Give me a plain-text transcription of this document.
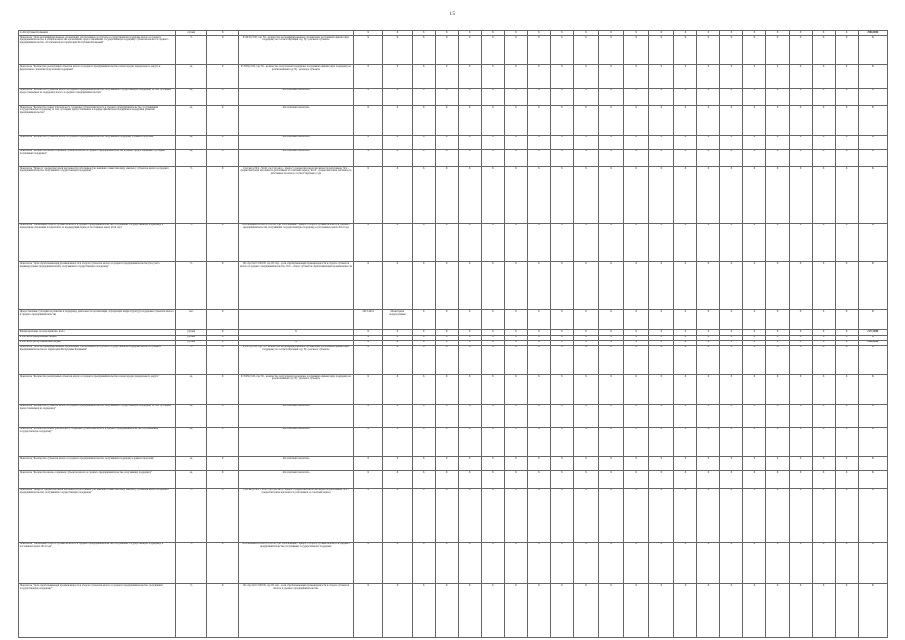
15
по Республике Калмыкия	рублей	X		X	X	X	X	X	X	X	X	X	X	X	X	X	X	X	X	X	X	X	X	X	2900,0000
Показатель "Доля нетарифицированных организаций, обеспеченных доступом к государственной поддержке малого и среднего предпринимательства, в общем количестве организаций, предоставляющих государственную поддержку субъектам малого и среднего предпринимательства, обеспеченной на территории Республики Калмыкия"	%	X	Р=Ni/Nj×100, где: Ni - количество нетарифицированных организаций, получивших финансовую поддержку на соответствующий год; Nj - реальное субъекты	X	X	X	X	X	X	X	X	X	X	X	X	X	X	X	X	X	X	X	X	X	X
Показатель "Количество реализуемых объектов малого и среднего предпринимательства в моногородах федерального округа и федерального значения получателей поддержки"	ед.	X	Р=Ni/Nj×100, где: Ni - количество получателей поддержки, получивших финансовую поддержку на реализованный год; Nj - реальное субъекты	X	X	X	X	X	X	X	X	X	X	X	X	X	X	X	X	X	X	X	X	X	X
Показатель "Количество субъектов малого и среднего предпринимательства, получивших государственную поддержку за счет субсидий, предоставляемых на поддержку малого и среднего предпринимательства"	ед.	X	Абсолютный показатель	X	X	X	X	X	X	X	X	X	X	X	X	X	X	X	X	X	X	X	X	X	X
Показатель "Количество новых рабочих мест, созданных субъектами малого и среднего предпринимательства, получившими государственную поддержку за счет субсидий, предоставленных в порядке финансовой поддержки и поддержки развития предпринимательства"	ед.	X	Абсолютный показатель	X	X	X	X	X	X	X	X	X	X	X	X	X	X	X	X	X	X	X	X	X	X
Показатель "Количество субъектов малого и среднего предпринимательства, получивших поддержку в рамках программ"	ед.	X	Абсолютный показатель	X	X	X	X	X	X	X	X	X	X	X	X	X	X	X	X	X	X	X	X	X	X
Показатель "Количество вновь созданных субъектов малого и среднего предпринимательства в рамках предоставляемых субсидий, получивших поддержку"	ед.	X	Абсолютный показатель	X	X	X	X	X	X	X	X	X	X	X	X	X	X	X	X	X	X	X	X	X	X
Показатель "Прирост среднесписочной численности работников (без внешних совместителей), занятых у субъектов малого и среднего предпринимательства, получивших государственную поддержку"	%	X	Сум чисд=Чсп - Чсп0, где Сум чисд - прирост среднесписочной численности работников; Чсп - среднесписочная численность работников за отчетный период; Чсп0 - среднесписочная численность работников на начало соответствующего года	X	X	X	X	X	X	X	X	X	X	X	X	X	X	X	X	X	X	X	X	X	X
Показатель "Увеличение оборота субъектов малого и среднего предпринимательства, получивших государственную поддержку, в процентном отношении к показателю за предыдущий период в постоянных ценах 2014 года"	%	X	Обоснование=Об2014×100/Об, где: Обоснование - прирост оборота субъектов малого и среднего предпринимательства, получивших государственную поддержку, в постоянных ценах 2014 года	X	X	X	X	X	X	X	X	X	X	X	X	X	X	X	X	X	X	X	X	X	X
Показатель "Доля обрабатывающей промышленности в обороте субъектов малого и среднего предпринимательства (без учета индивидуальных предпринимателей), получивших государственную поддержку"	%	X	Об обр=Ооб×100/Об, где Об обр - доля обрабатывающей промышленности в обороте субъектов малого и среднего предпринимательства; Ооб - оборот субъектов обрабатывающей промышленности	X	X	X	X	X	X	X	X	X	X	X	X	X	X	X	X	X	X	X	X	X	X
Предоставление субсидий на развитие и поддержку деятельности организаций, образующих инфраструктуру поддержки субъектов малого и среднего предпринимательства	тыс.	X		2013-2014	Мониторинг подпрограммы	X	X	X	X	X	X	X	X	X	X	X	X	X	X	X	X	X	X	X	X
Финансирование по мероприятию, всего	рублей	X	X	X	X	X	X	X	X	X	X	X	X	X	X	X	X	X	X	X	X	X	X	X	2177,0000
в том числе федеральный бюджет	рублей	X		X	X	X	X	X	X	X	X	X	X	X	X	X	X	X	X	X	X	X	X	X	X
в том числе республиканский бюджет	рублей	X	X	X	X	X	X	X	X	X	X	X	X	X	X	X	X	X	X	X	X	X	X	X	2900,0000
Показатель "Доля нетарифицированных организаций, обеспеченных доступом к государственной поддержке малого и среднего предпринимательства на территории Республики Калмыкия"	%	X	Р=Ni/Nj×100, где: Ni - количество нетарифицированных организаций, получивших финансовую поддержку на соответствующий год; Nj - реальное субъекты	X	X	X	X	X	X	X	X	X	X	X	X	X	X	X	X	X	X	X	X	X	X
Показатель "Количество реализуемых объектов малого и среднего предпринимательства в моногородах федерального округа"	ед.	X	Р=Ni/Nj×100, где: Ni - количество получателей поддержки, получивших финансовую поддержку на реализованный год; Nj - реальное субъекты	X	X	X	X	X	X	X	X	X	X	X	X	X	X	X	X	X	X	X	X	X	X
Показатель "Количество субъектов малого и среднего предпринимательства, получивших государственную поддержку за счет субсидий, предоставляемых на поддержку"	ед.	X	Абсолютный показатель	X	X	X	X	X	X	X	X	X	X	X	X	X	X	X	X	X	X	X	X	X	X
Показатель "Количество новых рабочих мест, созданных субъектами малого и среднего предпринимательства, получившими государственную поддержку"	ед.	X	Абсолютный показатель	X	X	X	X	X	X	X	X	X	X	X	X	X	X	X	X	X	X	X	X	X	X
Показатель "Количество субъектов малого и среднего предпринимательства, получивших поддержку в рамках программ"	ед.	X	Абсолютный показатель	X	X	X	X	X	X	X	X	X	X	X	X	X	X	X	X	X	X	X	X	X	X
Показатель "Количество вновь созданных субъектов малого и среднего предпринимательства, получивших поддержку"	ед.	X	Абсолютный показатель	X	X	X	X	X	X	X	X	X	X	X	X	X	X	X	X	X	X	X	X	X	X
Показатель "Прирост среднесписочной численности работников (без внешних совместителей), занятых у субъектов малого и среднего предпринимательства, получивших государственную поддержку"	%	X	Сум чисд=Чсп - Чсп0, где Сум чисд - прирост среднесписочной численности работников; Чсп - среднесписочная численность работников за отчетный период	X	X	X	X	X	X	X	X	X	X	X	X	X	X	X	X	X	X	X	X	X	X
Показатель "Увеличение оборота субъектов малого и среднего предпринимательства, получивших государственную поддержку, в постоянных ценах 2014 года"	%	X	Обоснование=Об2014×100/Об, где: Обоснование - прирост оборота субъектов малого и среднего предпринимательства, получивших государственную поддержку	X	X	X	X	X	X	X	X	X	X	X	X	X	X	X	X	X	X	X	X	X	X
Показатель "Доля обрабатывающей промышленности в обороте субъектов малого и среднего предпринимательства, получивших государственную поддержку"	%	X	Об обр=Ооб×100/Об, где Об обр - доля обрабатывающей промышленности в обороте субъектов малого и среднего предпринимательства	X	X	X	X	X	X	X	X	X	X	X	X	X	X	X	X	X	X	X	X	X	X
